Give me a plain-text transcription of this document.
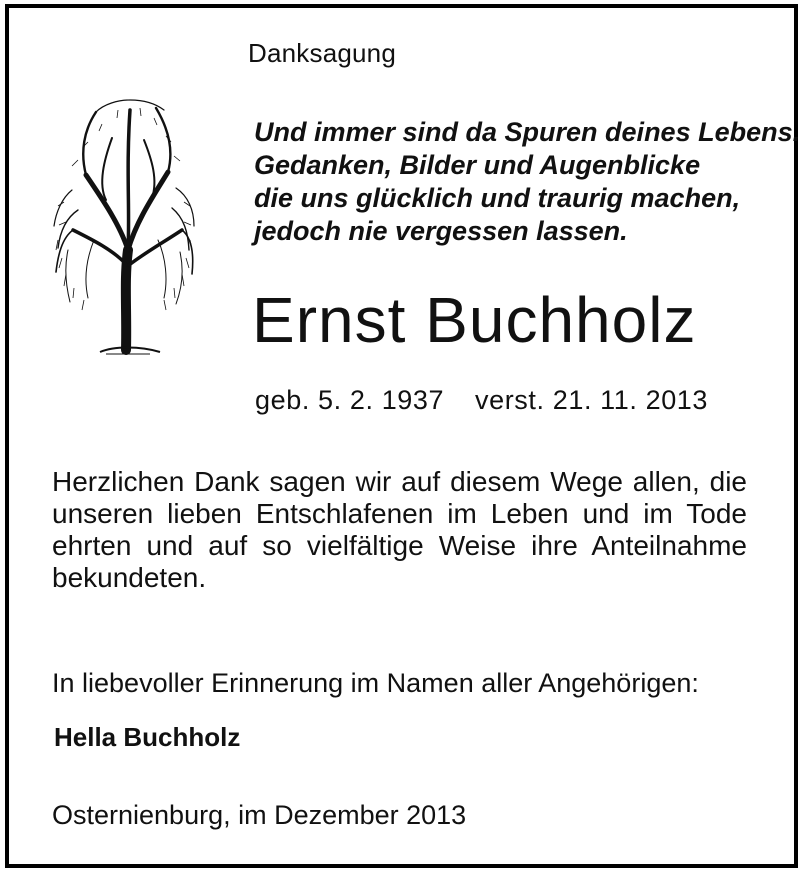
Danksagung
Und immer sind da Spuren deines Lebens.
Gedanken, Bilder und Augenblicke
die uns glücklich und traurig machen,
jedoch nie vergessen lassen.
Ernst Buchholz
geb. 5. 2. 1937 verst. 21. 11. 2013
Herzlichen Dank sagen wir auf diesem Wege allen, die unseren lieben Entschlafenen im Leben und im Tode ehrten und auf so vielfältige Weise ihre Anteilnahme bekundeten.
In liebevoller Erinnerung im Namen aller Angehörigen:
Hella Buchholz
Osternienburg, im Dezember 2013
